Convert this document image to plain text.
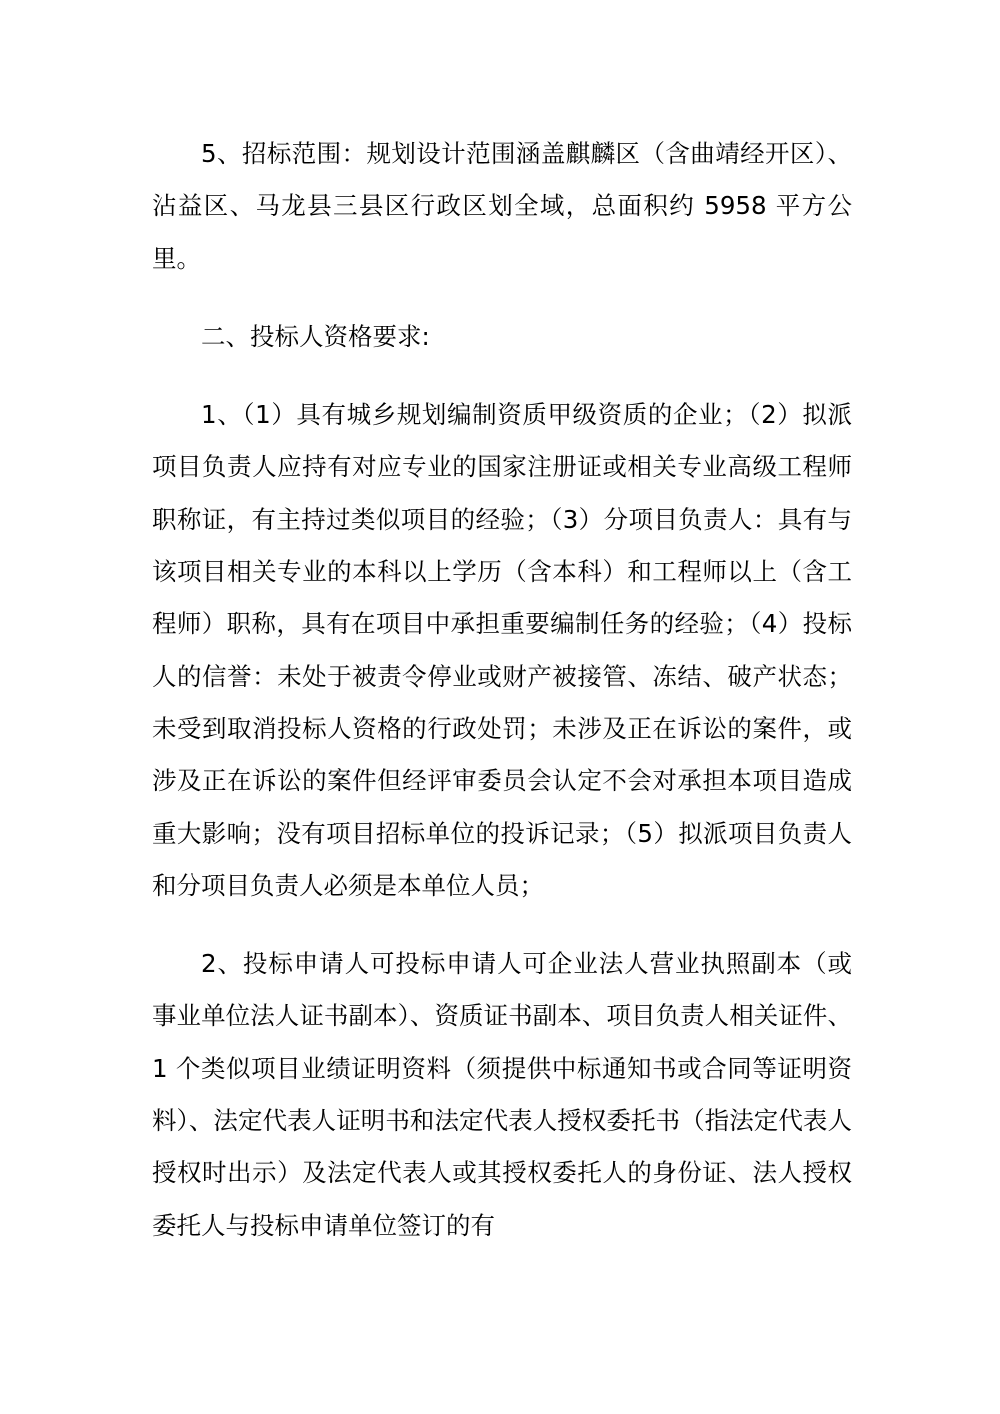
5、招标范围：规划设计范围涵盖麒麟区（含曲靖经开区）、沾益区、马龙县三县区行政区划全域，总面积约 5958 平方公里。

二、投标人资格要求:

1、（1）具有城乡规划编制资质甲级资质的企业；（2）拟派项目负责人应持有对应专业的国家注册证或相关专业高级工程师职称证，有主持过类似项目的经验；（3）分项目负责人：具有与该项目相关专业的本科以上学历（含本科）和工程师以上（含工程师）职称，具有在项目中承担重要编制任务的经验；（4）投标人的信誉：未处于被责令停业或财产被接管、冻结、破产状态；未受到取消投标人资格的行政处罚；未涉及正在诉讼的案件，或涉及正在诉讼的案件但经评审委员会认定不会对承担本项目造成重大影响；没有项目招标单位的投诉记录；（5）拟派项目负责人和分项目负责人必须是本单位人员；

2、投标申请人可投标申请人可企业法人营业执照副本（或事业单位法人证书副本）、资质证书副本、项目负责人相关证件、1 个类似项目业绩证明资料（须提供中标通知书或合同等证明资料）、法定代表人证明书和法定代表人授权委托书（指法定代表人授权时出示）及法定代表人或其授权委托人的身份证、法人授权委托人与投标申请单位签订的有
